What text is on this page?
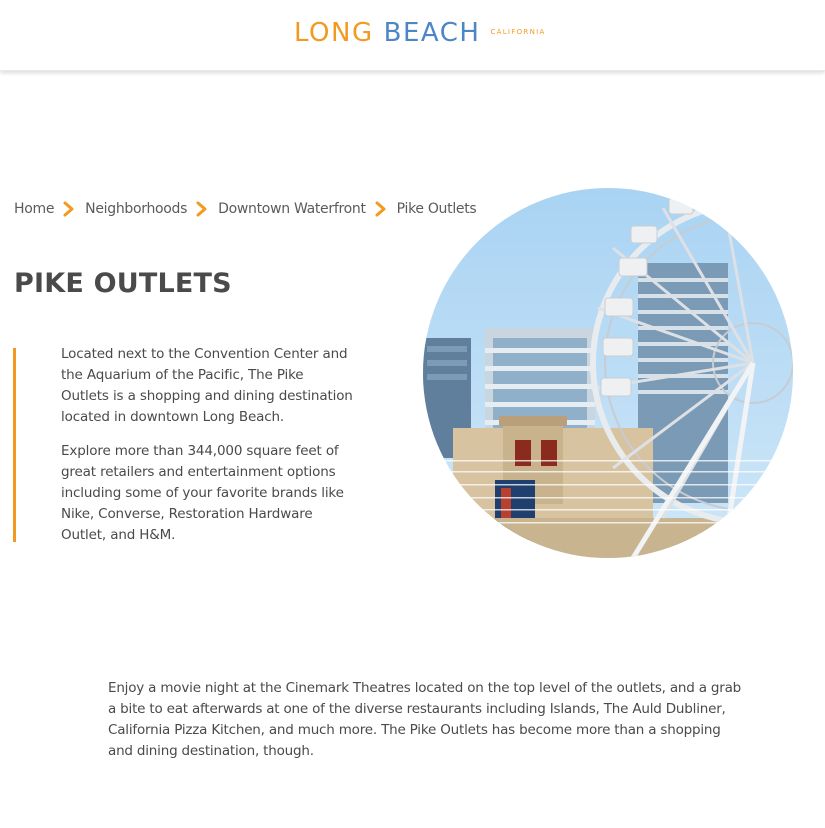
LONG BEACH CALIFORNIA
Home Neighborhoods Downtown Waterfront Pike Outlets
PIKE OUTLETS

Located next to the Convention Center and the Aquarium of the Pacific, The Pike Outlets is a shopping and dining destination located in downtown Long Beach.

Explore more than 344,000 square feet of great retailers and entertainment options including some of your favorite brands like Nike, Converse, Restoration Hardware Outlet, and H&M.

Enjoy a movie night at the Cinemark Theatres located on the top level of the outlets, and a grab a bite to eat afterwards at one of the diverse restaurants including Islands, The Auld Dubliner, California Pizza Kitchen, and much more. The Pike Outlets has become more than a shopping and dining destination, though.
